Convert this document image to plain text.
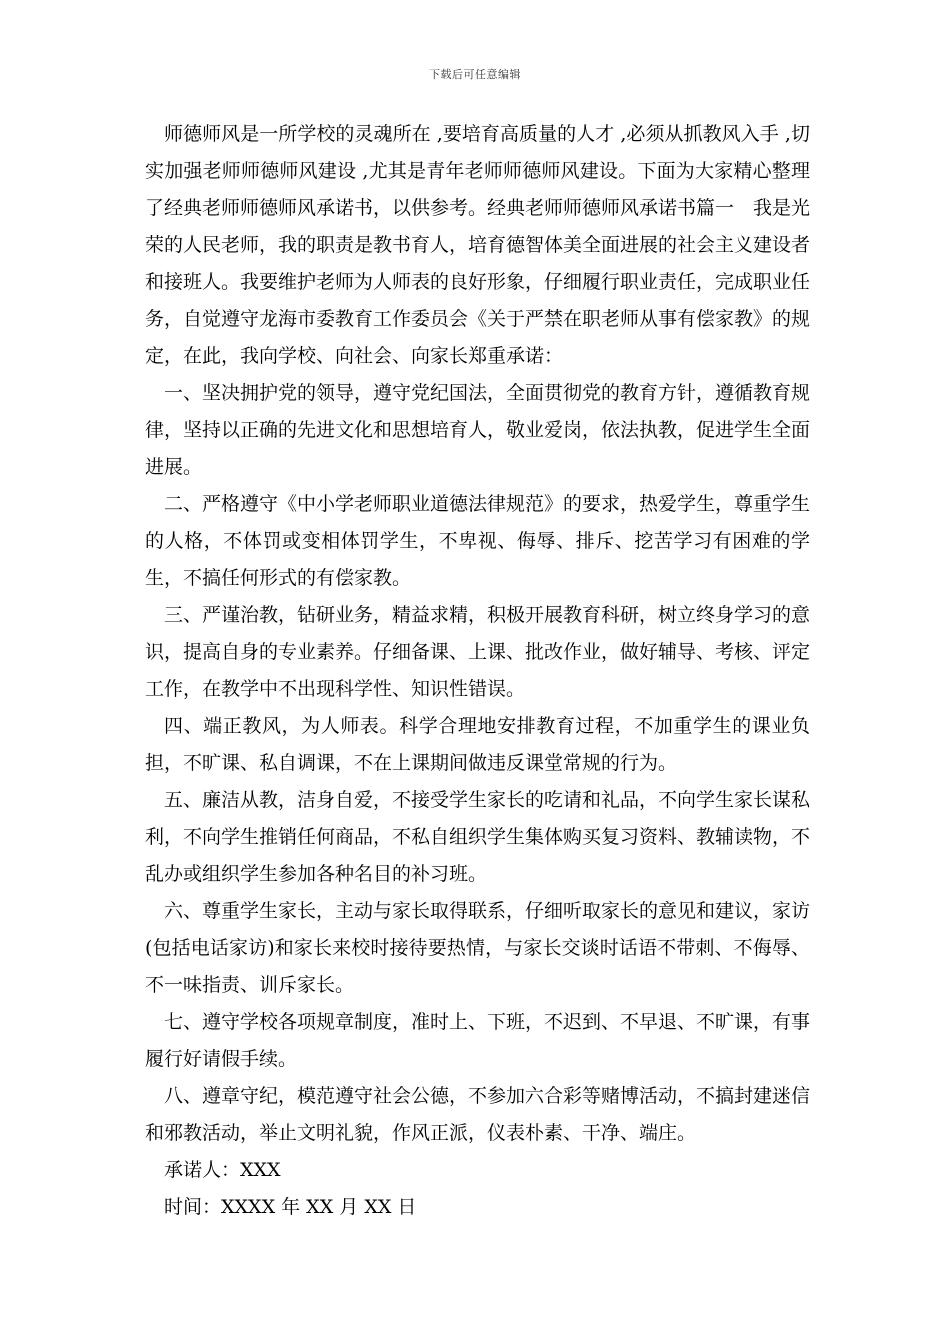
下载后可任意编辑

师德师风是一所学校的灵魂所在 ,要培育高质量的人才 ,必须从抓教风入手 ,切实加强老师师德师风建设 ,尤其是青年老师师德师风建设。下面为大家精心整理了经典老师师德师风承诺书，以供参考。经典老师师德师风承诺书篇一　我是光荣的人民老师，我的职责是教书育人，培育德智体美全面进展的社会主义建设者和接班人。我要维护老师为人师表的良好形象，仔细履行职业责任，完成职业任务，自觉遵守龙海市委教育工作委员会《关于严禁在职老师从事有偿家教》的规定，在此，我向学校、向社会、向家长郑重承诺：

一、坚决拥护党的领导，遵守党纪国法，全面贯彻党的教育方针，遵循教育规律，坚持以正确的先进文化和思想培育人，敬业爱岗，依法执教，促进学生全面进展。

二、严格遵守《中小学老师职业道德法律规范》的要求，热爱学生，尊重学生的人格，不体罚或变相体罚学生，不卑视、侮辱、排斥、挖苦学习有困难的学生，不搞任何形式的有偿家教。

三、严谨治教，钻研业务，精益求精，积极开展教育科研，树立终身学习的意识，提高自身的专业素养。仔细备课、上课、批改作业，做好辅导、考核、评定工作，在教学中不出现科学性、知识性错误。

四、端正教风，为人师表。科学合理地安排教育过程，不加重学生的课业负担，不旷课、私自调课，不在上课期间做违反课堂常规的行为。

五、廉洁从教，洁身自爱，不接受学生家长的吃请和礼品，不向学生家长谋私利，不向学生推销任何商品，不私自组织学生集体购买复习资料、教辅读物，不乱办或组织学生参加各种名目的补习班。

六、尊重学生家长，主动与家长取得联系，仔细听取家长的意见和建议，家访(包括电话家访)和家长来校时接待要热情，与家长交谈时话语不带刺、不侮辱、不一味指责、训斥家长。

七、遵守学校各项规章制度，准时上、下班，不迟到、不早退、不旷课，有事履行好请假手续。

八、遵章守纪，模范遵守社会公德，不参加六合彩等赌博活动，不搞封建迷信和邪教活动，举止文明礼貌，作风正派，仪表朴素、干净、端庄。

承诺人：XXX

时间：XXXX 年 XX 月 XX 日
